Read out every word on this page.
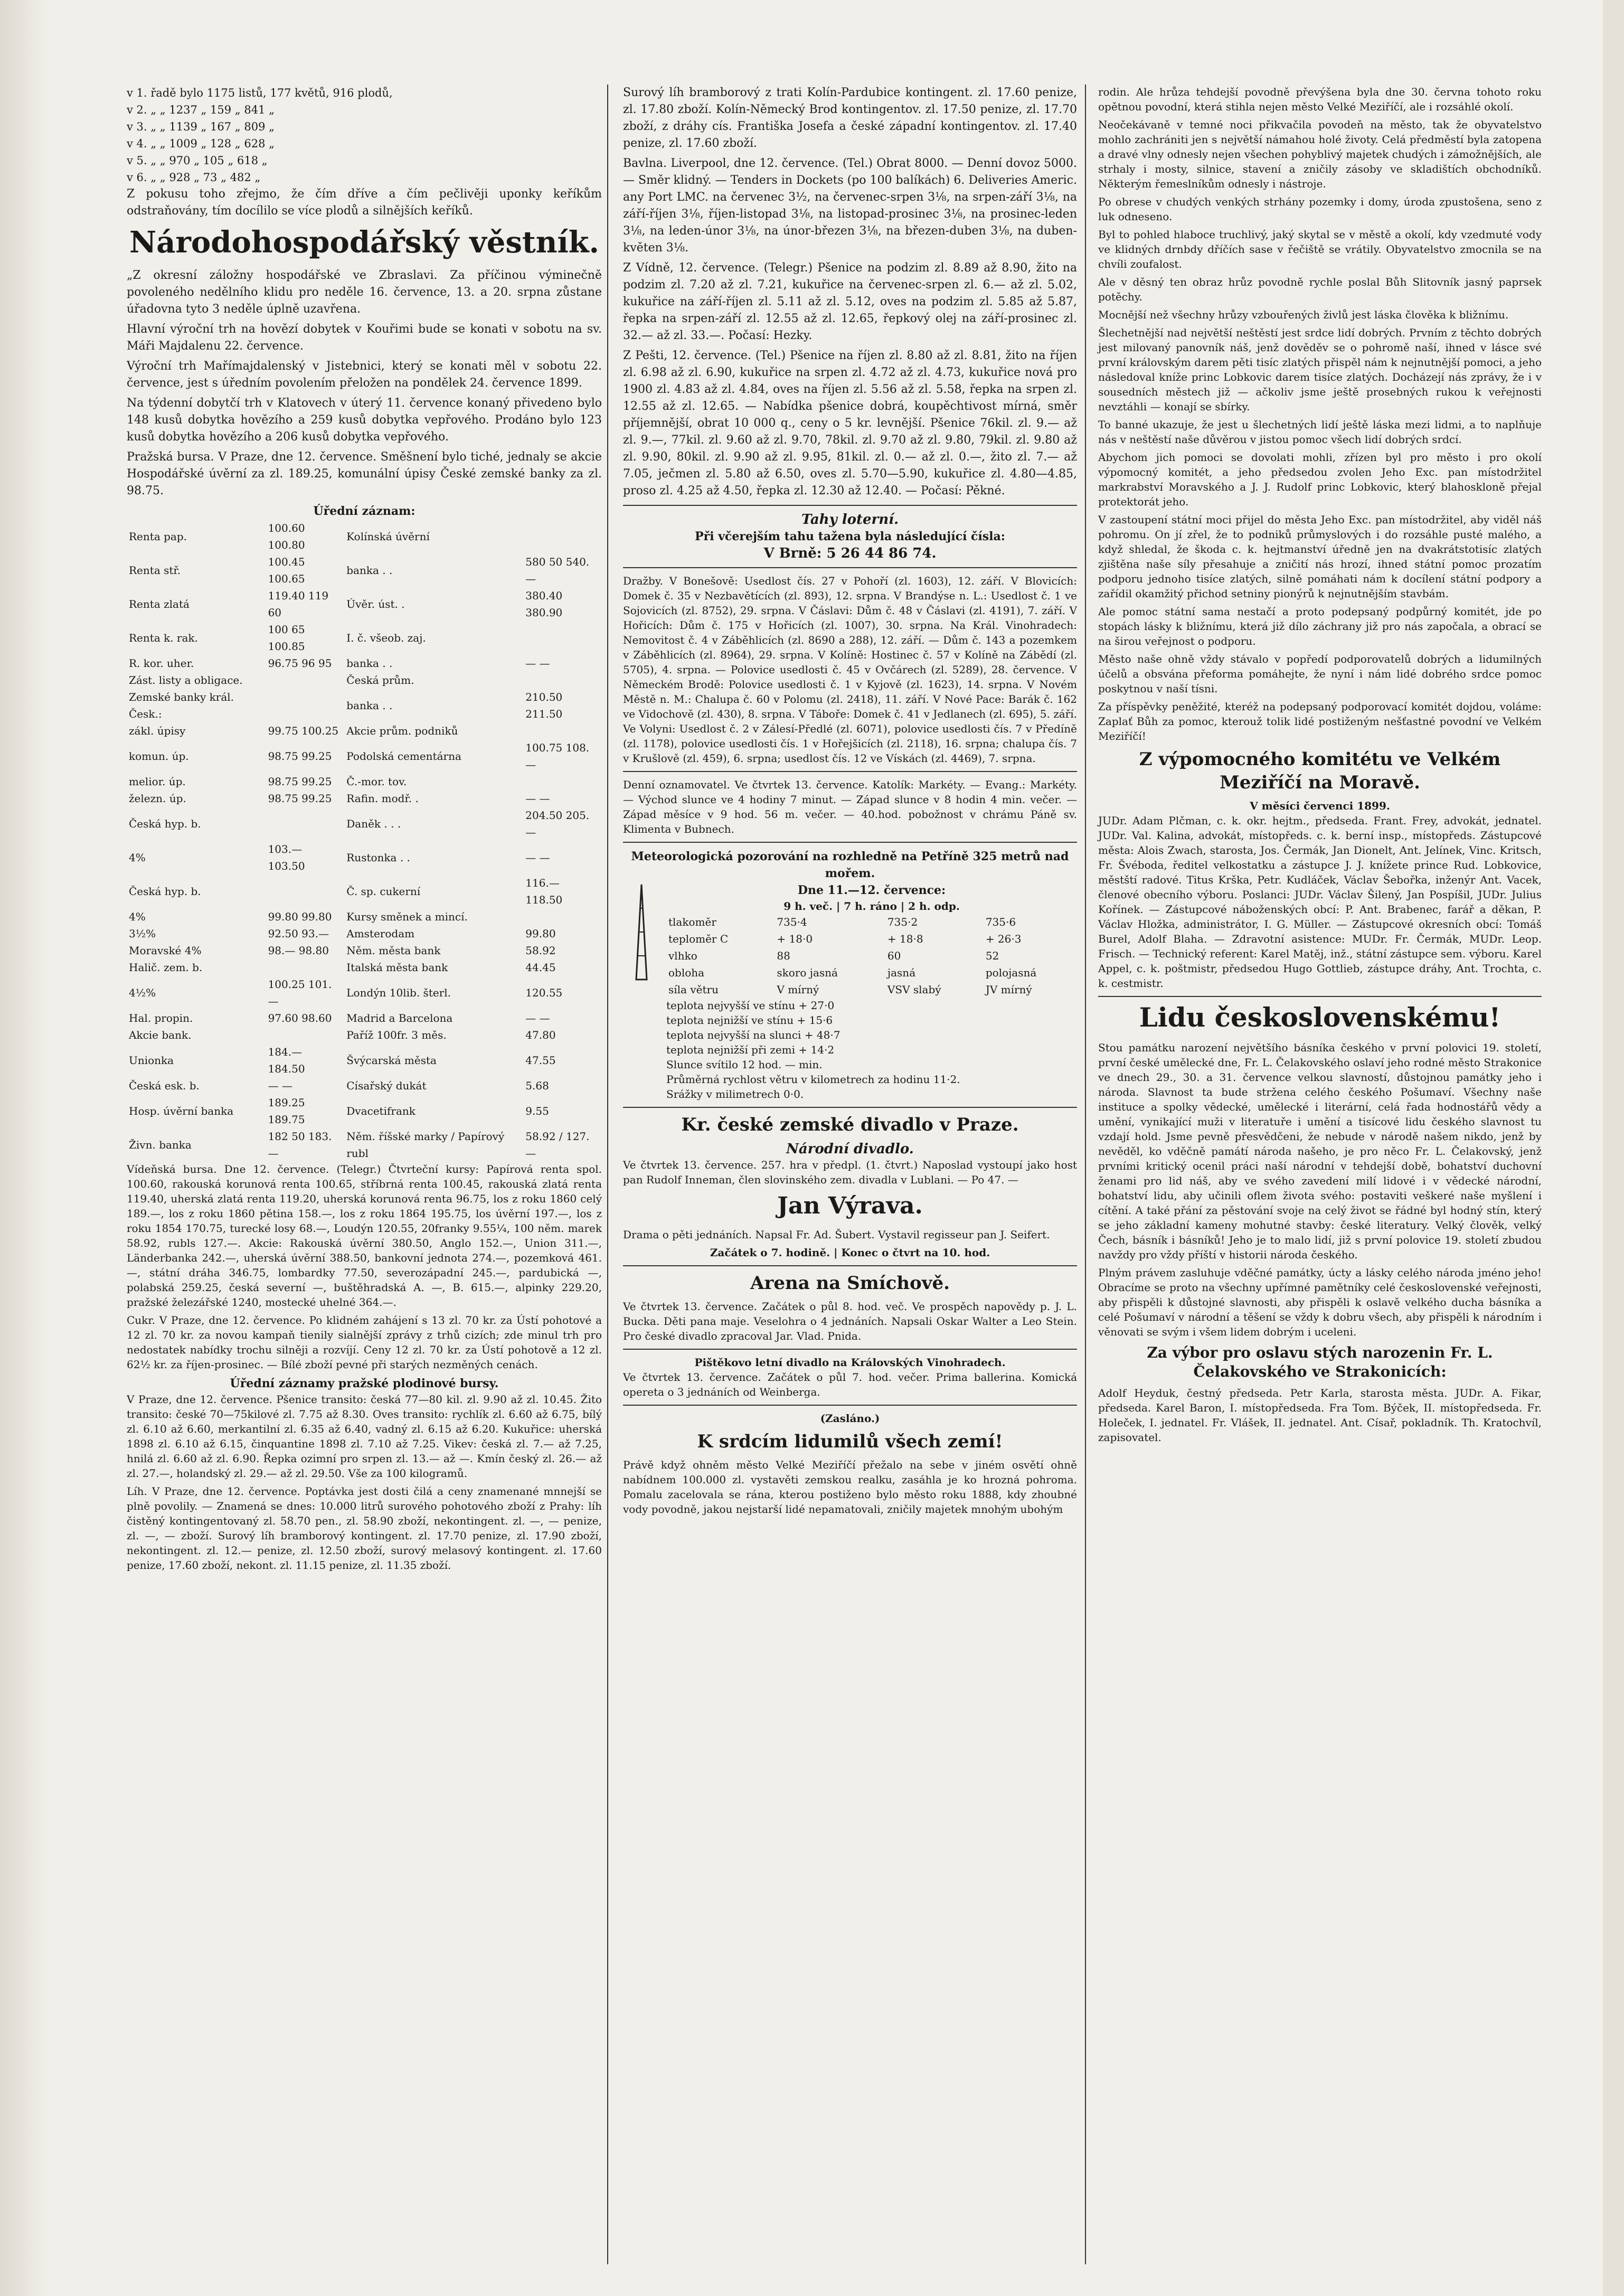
v 1. řadě bylo 1175 listů, 177 květů, 916 plodů,
v 2. „ „ 1237 „ 159 „ 841 „
v 3. „ „ 1139 „ 167 „ 809 „
v 4. „ „ 1009 „ 128 „ 628 „
v 5. „ „ 970 „ 105 „ 618 „
v 6. „ „ 928 „ 73 „ 482 „

Z pokusu toho zřejmo, že čím dříve a čím pečlivěji uponky keříkům odstraňovány, tím docílilo se více plodů a silnějších keříků.

Národohospodářský věstník.

„Z okresní záložny hospodářské ve Zbraslavi. Za příčinou výminečně povoleného nedělního klidu pro neděle 16. července, 13. a 20. srpna zůstane úřadovna tyto 3 neděle úplně uzavřena.

Hlavní výroční trh na hovězí dobytek v Kouřimi bude se konati v sobotu na sv. Máři Majdalenu 22. července.

Výroční trh Mařímajdalenský v Jistebnici, který se konati měl v sobotu 22. července, jest s úředním povolením přeložen na pondělek 24. července 1899.

Na týdenní dobytčí trh v Klatovech v úterý 11. července konaný přivedeno bylo 148 kusů dobytka hovězího a 259 kusů dobytka vepřového. Prodáno bylo 123 kusů dobytka hovězího a 206 kusů dobytka vepřového.

Pražská bursa. V Praze, dne 12. července. Směšnení bylo tiché, jednaly se akcie Hospodářské úvěrní za zl. 189.25, komunální úpisy České zemské banky za zl. 98.75.

Úřední záznam:
Renta pap.	100.60 100.80	Kolínská úvěrní	
Renta stř.	100.45 100.65	banka . .	580 50 540.—
Renta zlatá	119.40 119 60	Úvěr. úst. .	380.40 380.90
Renta k. rak.	100 65 100.85	I. č. všeob. zaj.	
R. kor. uher.	96.75 96 95	banka . .	— —
Zást. listy a obligace.		Česká prům.	
Zemské banky král. Česk.:		banka . .	210.50 211.50
zákl. úpisy	99.75 100.25	Akcie prům. podniků	
komun. úp.	98.75 99.25	Podolská cementárna	100.75 108.—
melior. úp.	98.75 99.25	Č.-mor. tov.	
železn. úp.	98.75 99.25	Rafin. modř. .	— —
Česká hyp. b.		Daněk . . .	204.50 205.—
4%	103.— 103.50	Rustonka . .	— —
Česká hyp. b.		Č. sp. cukerní	116.— 118.50
4%	99.80 99.80	Kursy směnek a mincí.	
3½%	92.50 93.—	Amsterodam	99.80
Moravské 4%	98.— 98.80	Něm. města bank	58.92
Halič. zem. b.		Italská města bank	44.45
4½%	100.25 101.—	Londýn 10lib. šterl.	120.55
Hal. propin.	97.60 98.60	Madrid a Barcelona	— —
Akcie bank.		Paříž 100fr. 3 měs.	47.80
Unionka	184.— 184.50	Švýcarská města	47.55
Česká esk. b.	— —	Císařský dukát	5.68
Hosp. úvěrní banka	189.25 189.75	Dvacetifrank	9.55
Živn. banka	182 50 183.—	Něm. říšské marky / Papírový rubl	58.92 / 127.—

Vídeňská bursa. Dne 12. července. (Telegr.) Čtvrteční kursy: Papírová renta spol. 100.60, rakouská korunová renta 100.65, stříbrná renta 100.45, rakouská zlatá renta 119.40, uherská zlatá renta 119.20, uherská korunová renta 96.75, los z roku 1860 celý 189.—, los z roku 1860 pětina 158.—, los z roku 1864 195.75, los úvěrní 197.—, los z roku 1854 170.75, turecké losy 68.—, Loudýn 120.55, 20franky 9.55¼, 100 něm. marek 58.92, rubls 127.—. Akcie: Rakouská úvěrní 380.50, Anglo 152.—, Union 311.—, Länderbanka 242.—, uherská úvěrní 388.50, bankovní jednota 274.—, pozemková 461.—, státní dráha 346.75, lombardky 77.50, severozápadní 245.—, pardubická —, polabská 259.25, česká severní —, buštěhradská A. —, B. 615.—, alpinky 229.20, pražské železářské 1240, mostecké uhelné 364.—.

Cukr. V Praze, dne 12. července. Po klidném zahájení s 13 zl. 70 kr. za Ústí pohotové a 12 zl. 70 kr. za novou kampaň tienily sialnější zprávy z trhů cizích; zde minul trh pro nedostatek nabídky trochu silněji a rozvíjí. Ceny 12 zl. 70 kr. za Ústí pohotově a 12 zl. 62½ kr. za říjen-prosinec. — Bílé zboží pevné při starých nezměných cenách.

Úřední záznamy pražské plodinové bursy.

V Praze, dne 12. července. Pšenice transito: česká 77—80 kil. zl. 9.90 až zl. 10.45. Žito transito: české 70—75kilové zl. 7.75 až 8.30. Oves transito: rychlík zl. 6.60 až 6.75, bílý zl. 6.10 až 6.60, merkantilní zl. 6.35 až 6.40, vadný zl. 6.15 až 6.20. Kukuřice: uherská 1898 zl. 6.10 až 6.15, činquantine 1898 zl. 7.10 až 7.25. Vikev: česká zl. 7.— až 7.25, hnilá zl. 6.60 až zl. 6.90. Řepka ozimní pro srpen zl. 13.— až —. Kmín český zl. 26.— až zl. 27.—, holandský zl. 29.— až zl. 29.50. Vše za 100 kilogramů.

Líh. V Praze, dne 12. července. Poptávka jest dosti čilá a ceny znamenané mnnejší se plně povolily. — Znamená se dnes: 10.000 litrů surového pohotového zboží z Prahy: líh čistěný kontingentovaný zl. 58.70 pen., zl. 58.90 zboží, nekontingent. zl. —, — penize, zl. —, — zboží. Surový líh bramborový kontingent. zl. 17.70 penize, zl. 17.90 zboží, nekontingent. zl. 12.— penize, zl. 12.50 zboží, surový melasový kontingent. zl. 17.60 penize, 17.60 zboží, nekont. zl. 11.15 penize, zl. 11.35 zboží.

Surový líh bramborový z trati Kolín-Pardubice kontingent. zl. 17.60 penize, zl. 17.80 zboží. Kolín-Německý Brod kontingentov. zl. 17.50 penize, zl. 17.70 zboží, z dráhy cís. Františka Josefa a české západní kontingentov. zl. 17.40 penize, zl. 17.60 zboží.

Bavlna. Liverpool, dne 12. července. (Tel.) Obrat 8000. — Denní dovoz 5000. — Směr klidný. — Tenders in Dockets (po 100 balíkách) 6. Deliveries Americ. any Port LMC. na červenec 3½, na červenec-srpen 3⅛, na srpen-září 3⅛, na září-říjen 3⅛, říjen-listopad 3⅛, na listopad-prosinec 3⅛, na prosinec-leden 3⅛, na leden-únor 3⅛, na únor-březen 3⅛, na březen-duben 3⅛, na duben-květen 3⅛.

Z Vídně, 12. července. (Telegr.) Pšenice na podzim zl. 8.89 až 8.90, žito na podzim zl. 7.20 až zl. 7.21, kukuřice na červenec-srpen zl. 6.— až zl. 5.02, kukuřice na září-říjen zl. 5.11 až zl. 5.12, oves na podzim zl. 5.85 až 5.87, řepka na srpen-září zl. 12.55 až zl. 12.65, řepkový olej na září-prosinec zl. 32.— až zl. 33.—. Počasí: Hezky.

Z Pešti, 12. července. (Tel.) Pšenice na říjen zl. 8.80 až zl. 8.81, žito na říjen zl. 6.98 až zl. 6.90, kukuřice na srpen zl. 4.72 až zl. 4.73, kukuřice nová pro 1900 zl. 4.83 až zl. 4.84, oves na říjen zl. 5.56 až zl. 5.58, řepka na srpen zl. 12.55 až zl. 12.65. — Nabídka pšenice dobrá, koupěchtivost mírná, směr příjemnější, obrat 10 000 q., ceny o 5 kr. levnější. Pšenice 76kil. zl. 9.— až zl. 9.—, 77kil. zl. 9.60 až zl. 9.70, 78kil. zl. 9.70 až zl. 9.80, 79kil. zl. 9.80 až zl. 9.90, 80kil. zl. 9.90 až zl. 9.95, 81kil. zl. 0.— až zl. 0.—, žito zl. 7.— až 7.05, ječmen zl. 5.80 až 6.50, oves zl. 5.70—5.90, kukuřice zl. 4.80—4.85, proso zl. 4.25 až 4.50, řepka zl. 12.30 až 12.40. — Počasí: Pěkné.

Tahy loterní.
Při včerejším tahu tažena byla následující čísla:
V Brně: 5 26 44 86 74.

Dražby. V Bonešově: Usedlost čís. 27 v Pohoří (zl. 1603), 12. září. V Blovicích: Domek č. 35 v Nezbavětících (zl. 893), 12. srpna. V Brandýse n. L.: Usedlost č. 1 ve Sojovicích (zl. 8752), 29. srpna. V Čáslavi: Dům č. 48 v Čáslavi (zl. 4191), 7. září. V Hořicích: Dům č. 175 v Hořicích (zl. 1007), 30. srpna. Na Král. Vinohradech: Nemovitost č. 4 v Záběhlicích (zl. 8690 a 288), 12. září. — Dům č. 143 a pozemkem v Záběhlicích (zl. 8964), 29. srpna. V Kolíně: Hostinec č. 57 v Kolíně na Zábědí (zl. 5705), 4. srpna. — Polovice usedlosti č. 45 v Ovčárech (zl. 5289), 28. července. V Německém Brodě: Polovice usedlosti č. 1 v Kyjově (zl. 1623), 14. srpna. V Novém Městě n. M.: Chalupa č. 60 v Polomu (zl. 2418), 11. září. V Nové Pace: Barák č. 162 ve Vidochově (zl. 430), 8. srpna. V Táboře: Domek č. 41 v Jedlanech (zl. 695), 5. září. Ve Volyni: Usedlost č. 2 v Zálesí-Předlé (zl. 6071), polovice usedlosti čís. 7 v Předíně (zl. 1178), polovice usedlosti čís. 1 v Hořejšicích (zl. 2118), 16. srpna; chalupa čís. 7 v Krušlově (zl. 459), 6. srpna; usedlost čís. 12 ve Vískách (zl. 4469), 7. srpna.

Denní oznamovatel. Ve čtvrtek 13. července. Katolík: Markéty. — Evang.: Markéty. — Východ slunce ve 4 hodiny 7 minut. — Západ slunce v 8 hodin 4 min. večer. — Západ měsíce v 9 hod. 56 m. večer. — 40.hod. pobožnost v chrámu Páně sv. Klimenta v Bubnech.

Meteorologická pozorování na rozhledně na Petříně 325 metrů nad mořem.
Dne 11.—12. července:
9 h. več. | 7 h. ráno | 2 h. odp.
tlakoměr	735·4	735·2	735·6
teploměr C	+ 18·0	+ 18·8	+ 26·3
vlhko	88	60	52
obloha	skoro jasná	jasná	polojasná
síla větru	V mírný	VSV slabý	JV mírný
teplota nejvyšší ve stínu + 27·0
teplota nejnižší ve stínu + 15·6
teplota nejvyšší na slunci + 48·7
teplota nejnižší při zemi + 14·2
Slunce svítilo 12 hod. — min.
Průměrná rychlost větru v kilometrech za hodinu 11·2.
Srážky v milimetrech 0·0.
Kr. české zemské divadlo v Praze.
Národní divadlo.

Ve čtvrtek 13. července. 257. hra v předpl. (1. čtvrt.) Naposlad vystoupí jako host pan Rudolf Inneman, člen slovinského zem. divadla v Lublani. — Po 47. —

Jan Výrava.

Drama o pěti jednáních. Napsal Fr. Ad. Šubert. Vystavil regisseur pan J. Seifert.

Začátek o 7. hodině. | Konec o čtvrt na 10. hod.
Arena na Smíchově.

Ve čtvrtek 13. července. Začátek o půl 8. hod. več. Ve prospěch napovědy p. J. L. Bucka. Děti pana maje. Veselohra o 4 jednáních. Napsali Oskar Walter a Leo Stein. Pro české divadlo zpracoval Jar. Vlad. Pnida.

Pištěkovo letní divadlo na Královských Vinohradech.

Ve čtvrtek 13. července. Začátek o půl 7. hod. večer. Prima ballerina. Komická opereta o 3 jednáních od Weinberga.

(Zasláno.)
K srdcím lidumilů všech zemí!

Právě když ohněm město Velké Meziříčí přežalo na sebe v jiném osvětí ohně nabídnem 100.000 zl. vystavěti zemskou realku, zasáhla je ko hrozná pohroma. Pomalu zacelovala se rána, kterou postiženo bylo město roku 1888, kdy zhoubné vody povodně, jakou nejstarší lidé nepamatovali, zničily majetek mnohým ubohým

rodin. Ale hrůza tehdejší povodně převýšena byla dne 30. června tohoto roku opětnou povodní, která stihla nejen město Velké Meziříčí, ale i rozsáhlé okolí.

Neočekávaně v temné noci přikvačila povodeň na město, tak že obyvatelstvo mohlo zachrániti jen s největší námahou holé životy. Celá předměstí byla zatopena a dravé vlny odnesly nejen všechen pohyblivý majetek chudých i zámožnějších, ale strhaly i mosty, silnice, stavení a zničily zásoby ve skladištích obchodníků. Některým řemeslníkům odnesly i nástroje.

Po obrese v chudých venkých strhány pozemky i domy, úroda zpustošena, seno z luk odneseno.

Byl to pohled hlaboce truchlivý, jaký skytal se v městě a okolí, kdy vzedmuté vody ve klidných drnbdy dříčích sase v řečiště se vrátily. Obyvatelstvo zmocnila se na chvíli zoufalost.

Ale v děsný ten obraz hrůz povodně rychle poslal Bůh Slitovník jasný paprsek potěchy.

Mocnější než všechny hrůzy vzbouřených živlů jest láska člověka k bližnímu.

Šlechetnější nad největší neštěstí jest srdce lidí dobrých. Prvním z těchto dobrých jest milovaný panovník náš, jenž dověděv se o pohromě naší, ihned v lásce své první královským darem pěti tisíc zlatých přispěl nám k nejnutnější pomoci, a jeho následoval kníže princ Lobkovic darem tisíce zlatých. Docházejí nás zprávy, že i v sousedních městech již — ačkoliv jsme ještě prosebných rukou k veřejnosti nevztáhli — konají se sbírky.

To banné ukazuje, že jest u šlechetných lidí ještě láska mezi lidmi, a to naplňuje nás v neštěstí naše důvěrou v jistou pomoc všech lidí dobrých srdcí.

Abychom jich pomoci se dovolati mohli, zřízen byl pro město i pro okolí výpomocný komitét, a jeho předsedou zvolen Jeho Exc. pan místodržitel markrabství Moravského a J. J. Rudolf princ Lobkovic, který blahoskloně přejal protektorát jeho.

V zastoupení státní moci přijel do města Jeho Exc. pan místodržitel, aby viděl náš pohromu. On jí zřel, že to podniků průmyslových i do rozsáhle pusté malého, a když shledal, že škoda c. k. hejtmanství úředně jen na dvakrátstotisíc zlatých zjištěna naše síly přesahuje a zničití nás hrozí, ihned státní pomoc prozatím podporu jednoho tisíce zlatých, silně pomáhati nám k docílení státní podpory a zařídil okamžitý přichod setniny pionýrů k nejnutnějším stavbám.

Ale pomoc státní sama nestačí a proto podepsaný podpůrný komitét, jde po stopách lásky k bližnímu, která již dílo záchrany již pro nás započala, a obrací se na širou veřejnost o podporu.

Město naše ohně vždy stávalo v popředí podporovatelů dobrých a lidumilných účelů a obsvána přeforma pomáhejte, že nyní i nám lidé dobrého srdce pomoc poskytnou v naší tísni.

Za příspěvky peněžité, kteréž na podepsaný podporovací komitét dojdou, voláme: Zaplať Bůh za pomoc, kterouž tolik lidé postiženým nešťastné povodní ve Velkém Meziříčí!

Z výpomocného komitétu ve Velkém Meziříčí na Moravě.
V měsíci červenci 1899.

JUDr. Adam Plčman, c. k. okr. hejtm., předseda. Frant. Frey, advokát, jednatel. JUDr. Val. Kalina, advokát, místopředs. c. k. berní insp., místopředs. Zástupcové města: Alois Zwach, starosta, Jos. Čermák, Jan Dionelt, Ant. Jelínek, Vinc. Kritsch, Fr. Švéboda, ředitel velkostatku a zástupce J. J. knížete prince Rud. Lobkovice, městští radové. Titus Krška, Petr. Kudláček, Václav Šebořka, inženýr Ant. Vacek, členové obecního výboru. Poslanci: JUDr. Václav Šilený, Jan Pospíšil, JUDr. Julius Kořínek. — Zástupcové náboženských obcí: P. Ant. Brabenec, farář a děkan, P. Václav Hložka, administrátor, I. G. Müller. — Zástupcové okresních obcí: Tomáš Burel, Adolf Blaha. — Zdravotní asistence: MUDr. Fr. Čermák, MUDr. Leop. Frisch. — Technický referent: Karel Matěj, inž., státní zástupce sem. výboru. Karel Appel, c. k. poštmistr, předsedou Hugo Gottlieb, zástupce dráhy, Ant. Trochta, c. k. cestmistr.

Lidu československému!

Stou památku narození největšího básníka českého v první polovici 19. století, první české umělecké dne, Fr. L. Čelakovského oslaví jeho rodné město Strakonice ve dnech 29., 30. a 31. července velkou slavností, důstojnou památky jeho i národa. Slavnost ta bude stržena celého českého Pošumaví. Všechny naše instituce a spolky vědecké, umělecké i literární, celá řada hodnostářů vědy a umění, vynikající muži v literatuře i umění a tisícové lidu českého slavnost tu vzdají hold. Jsme pevně přesvědčeni, že nebude v národě našem nikdo, jenž by nevěděl, ko vděčně památí národa našeho, je pro něco Fr. L. Čelakovský, jenž prvními kritický ocenil práci naší národní v tehdejší době, bohatství duchovní ženami pro lid náš, aby ve svého zavedení milí lidové i v vědecké národní, bohatství lidu, aby učinili oflem života svého: postaviti veškeré naše myšlení i cítění. A také přání za pěstování svoje na celý život se řádné byl hodný stín, který se jeho základní kameny mohutné stavby: české literatury. Velký člověk, velký Čech, básník i básníků! Jeho je to malo lidí, již s první polovice 19. století zbudou navždy pro vždy příští v historii národa českého.

Plným právem zasluhuje vděčné památky, úcty a lásky celého národa jméno jeho! Obracíme se proto na všechny upřímné pamětníky celé československé veřejnosti, aby přispěli k důstojné slavnosti, aby přispěli k oslavě velkého ducha básníka a celé Pošumaví v národní a těšení se vždy k dobru všech, aby přispěli k národním i věnovati se svým i všem lidem dobrým i uceleni.

Za výbor pro oslavu stých narozenin Fr. L. Čelakovského ve Strakonicích:

Adolf Heyduk, čestný předseda. Petr Karla, starosta města. JUDr. A. Fikar, předseda. Karel Baron, I. místopředseda. Fra Tom. Býček, II. místopředseda. Fr. Holeček, I. jednatel. Fr. Vlášek, II. jednatel. Ant. Císař, pokladník. Th. Kratochvíl, zapisovatel.
